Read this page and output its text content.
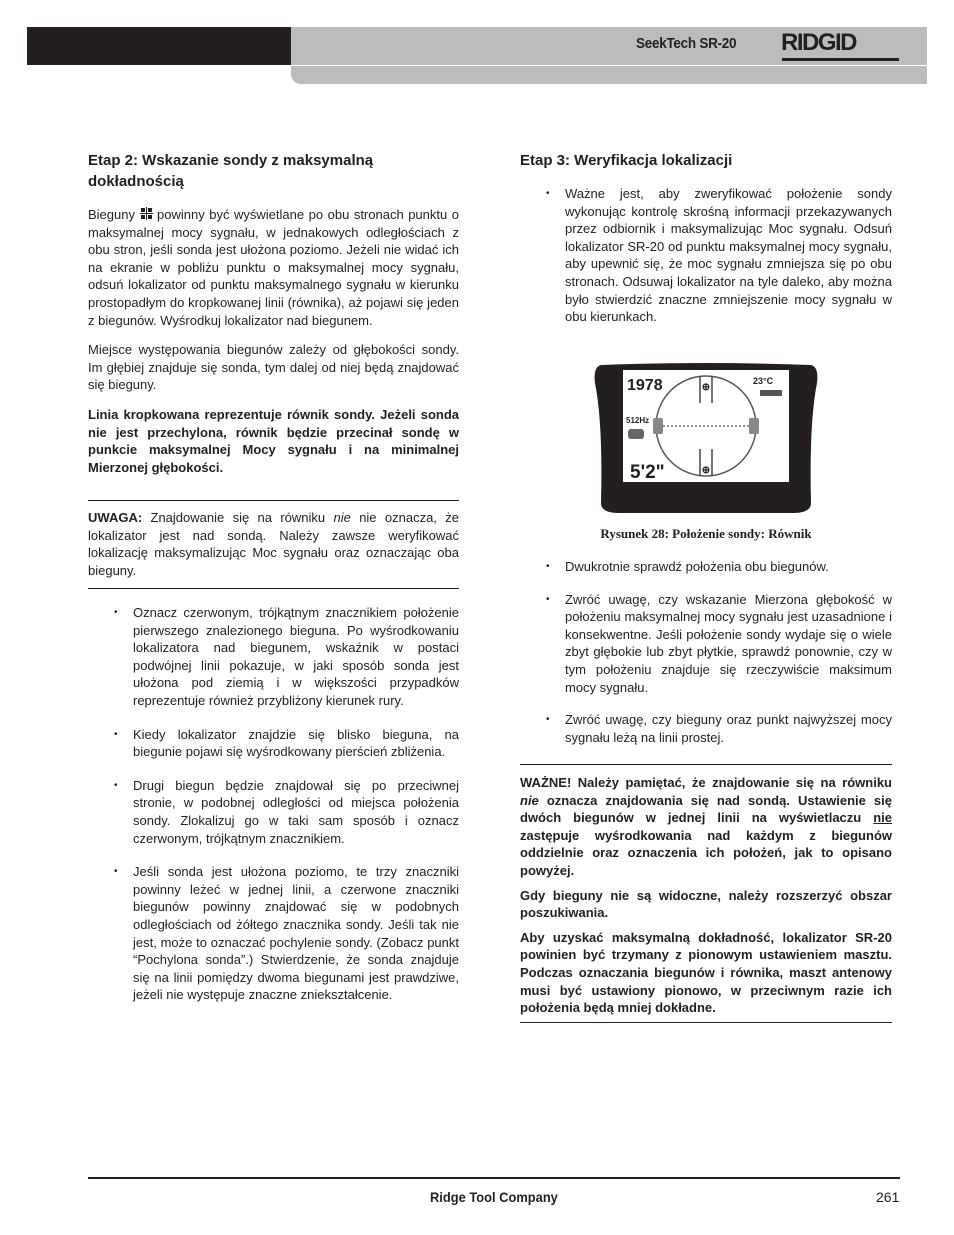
SeekTech SR-20 RIDGID
Etap 2: Wskazanie sondy z maksymalną dokładnością

Bieguny  powinny być wyświetlane po obu stronach punktu o maksymalnej mocy sygnału, w jednakowych odległościach z obu stron, jeśli sonda jest ułożona poziomo. Jeżeli nie widać ich na ekranie w pobliżu punktu o maksymalnej mocy sygnału, odsuń lokalizator od punktu maksymalnego sygnału w kierunku prostopadłym do kropkowanej linii (równika), aż pojawi się jeden z biegunów. Wyśrodkuj lokalizator nad biegunem.

Miejsce występowania biegunów zależy od głębokości sondy. Im głębiej znajduje się sonda, tym dalej od niej będą znajdować się bieguny.

Linia kropkowana reprezentuje równik sondy. Jeżeli sonda nie jest przechylona, równik będzie przecinał sondę w punkcie maksymalnej Mocy sygnału i na minimalnej Mierzonej głębokości.

UWAGA: Znajdowanie się na równiku nie nie oznacza, że lokalizator jest nad sondą. Należy zawsze weryfikować lokalizację maksymalizując Moc sygnału oraz oznaczając oba bieguny.

• Oznacz czerwonym, trójkątnym znacznikiem położenie pierwszego znalezionego bieguna. Po wyśrodkowaniu lokalizatora nad biegunem, wskaźnik w postaci podwójnej linii pokazuje, w jaki sposób sonda jest ułożona pod ziemią i w większości przypadków reprezentuje również przybliżony kierunek rury.
• Kiedy lokalizator znajdzie się blisko bieguna, na biegunie pojawi się wyśrodkowany pierścień zbliżenia.
• Drugi biegun będzie znajdował się po przeciwnej stronie, w podobnej odległości od miejsca położenia sondy. Zlokalizuj go w taki sam sposób i oznacz czerwonym, trójkątnym znacznikiem.
• Jeśli sonda jest ułożona poziomo, te trzy znaczniki powinny leżeć w jednej linii, a czerwone znaczniki biegunów powinny znajdować się w podobnych odległościach od żółtego znacznika sondy. Jeśli tak nie jest, może to oznaczać pochylenie sondy. (Zobacz punkt “Pochylona sonda”.) Stwierdzenie, że sonda znajduje się na linii pomiędzy dwoma biegunami jest prawdziwe, jeżeli nie występuje znaczne zniekształcenie.
Etap 3: Weryfikacja lokalizacji
• Ważne jest, aby zweryfikować położenie sondy wykonując kontrolę skrośną informacji przekazywanych przez odbiornik i maksymalizując Moc sygnału. Odsuń lokalizator SR-20 od punktu maksymalnej mocy sygnału, aby upewnić się, że moc sygnału zmniejsza się po obu stronach. Odsuwaj lokalizator na tyle daleko, aby można było stwierdzić znaczne zmniejszenie mocy sygnału w obu kierunkach.
⊕
⊕
1978	23°C
512Hz
5'2"
Rysunek 28: Położenie sondy: Równik
• Dwukrotnie sprawdź położenia obu biegunów.
• Zwróć uwagę, czy wskazanie Mierzona głębokość w położeniu maksymalnej mocy sygnału jest uzasadnione i konsekwentne. Jeśli położenie sondy wydaje się o wiele zbyt głębokie lub zbyt płytkie, sprawdź ponownie, czy w tym położeniu znajduje się rzeczywiście maksimum mocy sygnału.
• Zwróć uwagę, czy bieguny oraz punkt najwyższej mocy sygnału leżą na linii prostej.

WAŻNE! Należy pamiętać, że znajdowanie się na równiku nie oznacza znajdowania się nad sondą. Ustawienie się dwóch biegunów w jednej linii na wyświetlaczu nie zastępuje wyśrodkowania nad każdym z biegunów oddzielnie oraz oznaczenia ich położeń, jak to opisano powyżej.

Gdy bieguny nie są widoczne, należy rozszerzyć obszar poszukiwania.

Aby uzyskać maksymalną dokładność, lokalizator SR-20 powinien być trzymany z pionowym ustawieniem masztu. Podczas oznaczania biegunów i równika, maszt antenowy musi być ustawiony pionowo, w przeciwnym razie ich położenia będą mniej dokładne.

Ridge Tool Company	261
